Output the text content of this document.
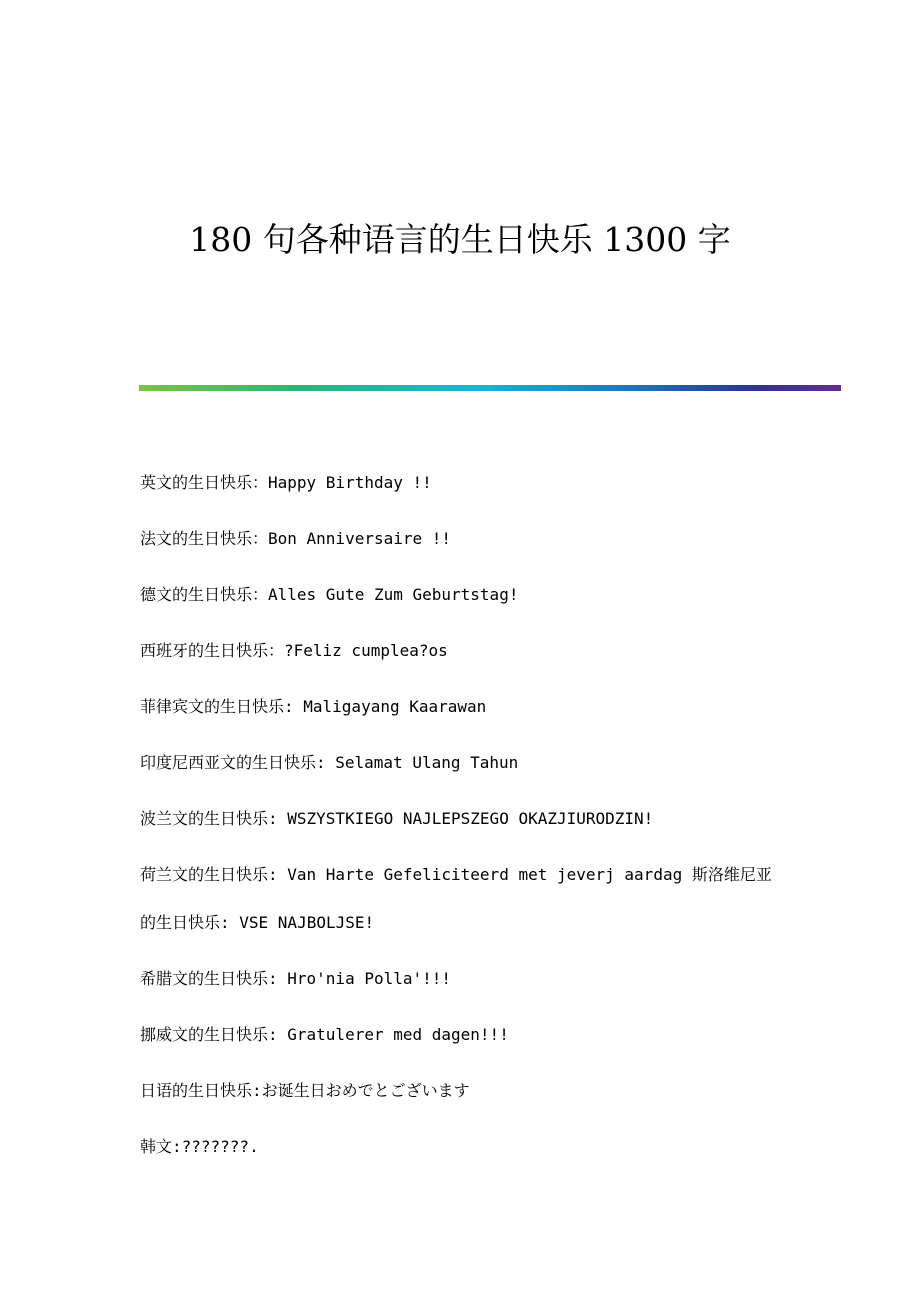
180 句各种语言的生日快乐 1300 字

英文的生日快乐：Happy Birthday !!

法文的生日快乐：Bon Anniversaire !!

德文的生日快乐：Alles Gute Zum Geburtstag!

西班牙的生日快乐：?Feliz cumplea?os

菲律宾文的生日快乐: Maligayang Kaarawan

印度尼西亚文的生日快乐: Selamat Ulang Tahun

波兰文的生日快乐: WSZYSTKIEGO NAJLEPSZEGO OKAZJIURODZIN!

荷兰文的生日快乐: Van Harte Gefeliciteerd met jeverj aardag 斯洛维尼亚的生日快乐: VSE NAJBOLJSE!

希腊文的生日快乐: Hro'nia Polla'!!!

挪威文的生日快乐: Gratulerer med dagen!!!

日语的生日快乐:お诞生日おめでとございます

韩文:???????.
